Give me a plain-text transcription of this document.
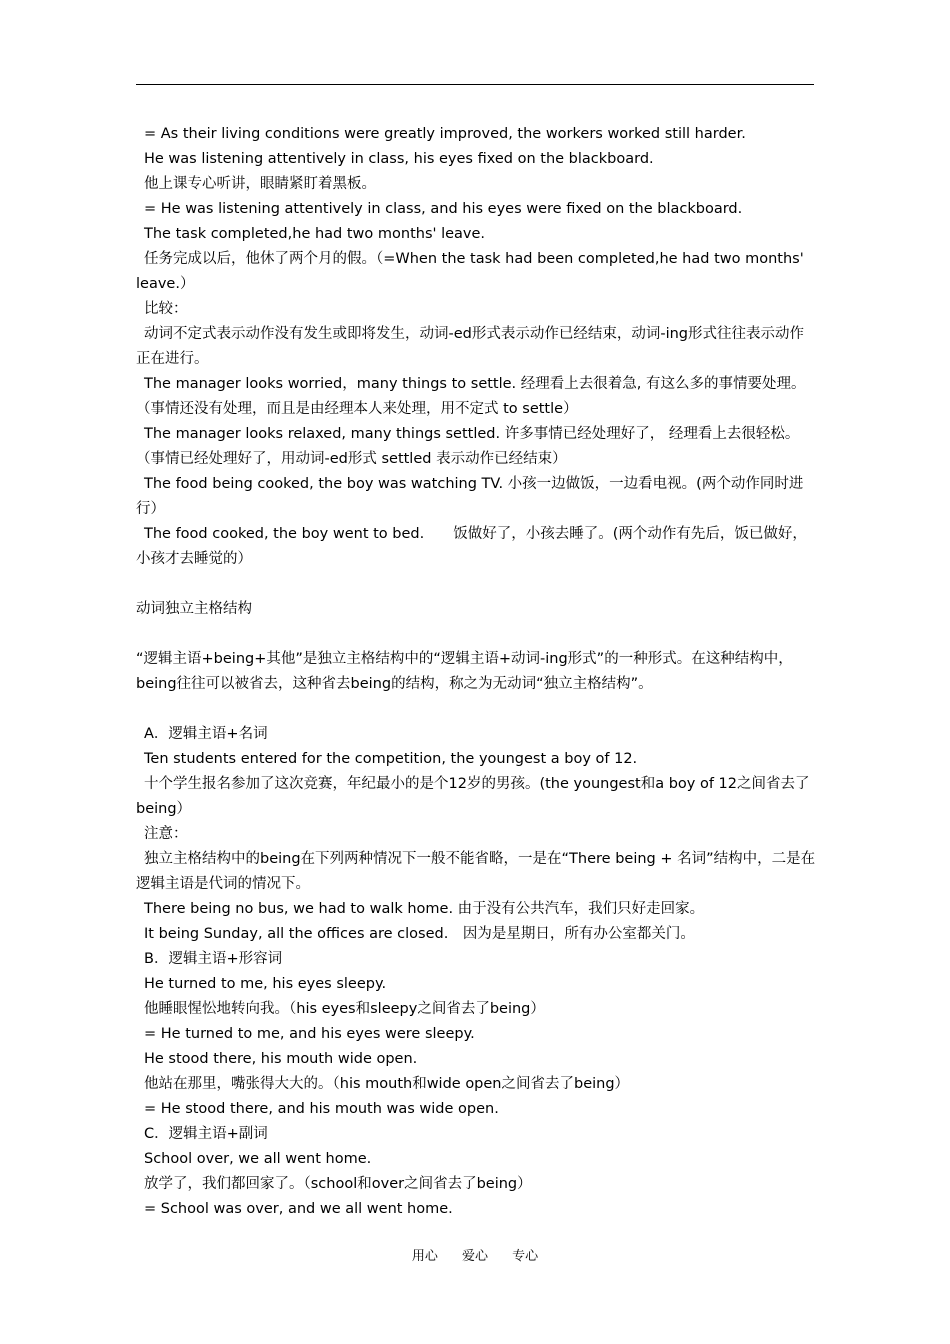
= As their living conditions were greatly improved, the workers worked still harder.

He was listening attentively in class, his eyes fixed on the blackboard.

他上课专心听讲，眼睛紧盯着黑板。

= He was listening attentively in class, and his eyes were fixed on the blackboard.

The task completed,he had two months' leave.

任务完成以后，他休了两个月的假。（=When the task had been completed,he had two months' leave.）

比较：

动词不定式表示动作没有发生或即将发生，动词-ed形式表示动作已经结束，动词-ing形式往往表示动作正在进行。

The manager looks worried，many things to settle. 经理看上去很着急, 有这么多的事情要处理。（事情还没有处理，而且是由经理本人来处理，用不定式 to settle）

The manager looks relaxed, many things settled. 许多事情已经处理好了， 经理看上去很轻松。（事情已经处理好了，用动词-ed形式 settled 表示动作已经结束）

The food being cooked, the boy was watching TV. 小孩一边做饭，一边看电视。(两个动作同时进行）

The food cooked, the boy went to bed.　　饭做好了，小孩去睡了。(两个动作有先后，饭已做好，小孩才去睡觉的）

动词独立主格结构

“逻辑主语+being+其他”是独立主格结构中的“逻辑主语+动词-ing形式”的一种形式。在这种结构中，being往往可以被省去，这种省去being的结构，称之为无动词“独立主格结构”。

A．逻辑主语+名词

Ten students entered for the competition, the youngest a boy of 12.

十个学生报名参加了这次竞赛，年纪最小的是个12岁的男孩。(the youngest和a boy of 12之间省去了being）

注意：

独立主格结构中的being在下列两种情况下一般不能省略，一是在“There being + 名词”结构中，二是在逻辑主语是代词的情况下。

There being no bus, we had to walk home. 由于没有公共汽车，我们只好走回家。

It being Sunday, all the offices are closed.　因为是星期日，所有办公室都关门。

B．逻辑主语+形容词

He turned to me, his eyes sleepy.

他睡眼惺忪地转向我。（his eyes和sleepy之间省去了being）

= He turned to me, and his eyes were sleepy.

He stood there, his mouth wide open.

他站在那里，嘴张得大大的。（his mouth和wide open之间省去了being）

= He stood there, and his mouth was wide open.

C．逻辑主语+副词

School over, we all went home.

放学了，我们都回家了。（school和over之间省去了being）

= School was over, and we all went home.

用心 爱心 专心
